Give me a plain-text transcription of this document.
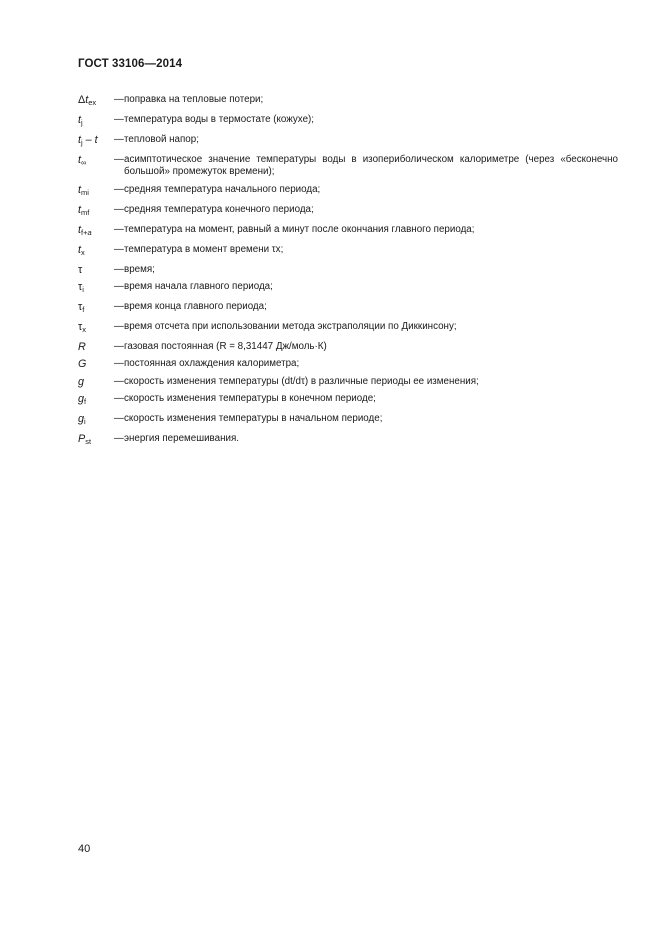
ГОСТ 33106—2014
$\Delta t_{ex}$	— поправка на тепловые потери;
$t_j$	— температура воды в термостате (кожухе);
$t_j$ – t	— тепловой напор;
$t_\infty$	— асимптотическое значение температуры воды в изопериболическом калориметре (через «бесконечно большой» промежуток времени);
$t_{mi}$	— средняя температура начального периода;
$t_{mf}$	— средняя температура конечного периода;
$t_{f+a}$	— температура на момент, равный a минут после окончания главного периода;
$t_x$	— температура в момент времени τx;
τ	— время;
$\tau_i$	— время начала главного периода;
$\tau_f$	— время конца главного периода;
$\tau_x$	— время отсчета при использовании метода экстраполяции по Диккинсону;
R	— газовая постоянная (R = 8,31447 Дж/моль·К)
G	— постоянная охлаждения калориметра;
g	— скорость изменения температуры (dt/dτ) в различные периоды ее изменения;
$g_f$	— скорость изменения температуры в конечном периоде;
$g_i$	— скорость изменения температуры в начальном периоде;
$P_{st}$	— энергия перемешивания.
40
